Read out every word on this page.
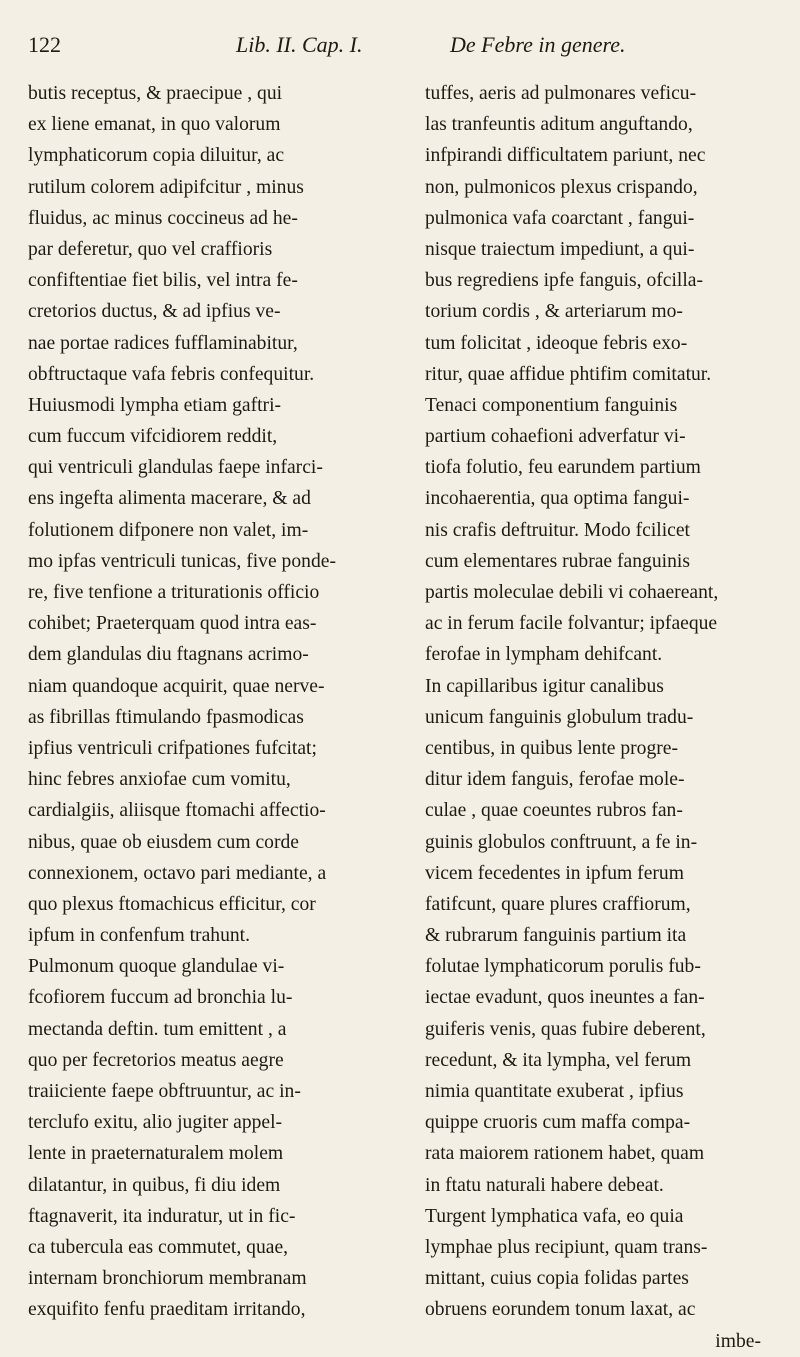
122	Lib. II. Cap. I.	De Febre in genere.
butis receptus, & praecipue , qui
ex liene emanat, in quo valorum
lymphaticorum copia diluitur, ac
rutilum colorem adipifcitur , minus
fluidus, ac minus coccineus ad he-
par deferetur, quo vel craffioris
confiftentiae fiet bilis, vel intra fe-
cretorios ductus, & ad ipfius ve-
nae portae radices fufflaminabitur,
obftructaque vafa febris confequitur.
Huiusmodi lympha etiam gaftri-
cum fuccum vifcidiorem reddit,
qui ventriculi glandulas faepe infarci-
ens ingefta alimenta macerare, & ad
folutionem difponere non valet, im-
mo ipfas ventriculi tunicas, five ponde-
re, five tenfione a triturationis officio
cohibet; Praeterquam quod intra eas-
dem glandulas diu ftagnans acrimo-
niam quandoque acquirit, quae nerve-
as fibrillas ftimulando fpasmodicas
ipfius ventriculi crifpationes fufcitat;
hinc febres anxiofae cum vomitu,
cardialgiis, aliisque ftomachi affectio-
nibus, quae ob eiusdem cum corde
connexionem, octavo pari mediante, a
quo plexus ftomachicus efficitur, cor
ipfum in confenfum trahunt.
Pulmonum quoque glandulae vi-
fcofiorem fuccum ad bronchia lu-
mectanda deftin. tum emittent , a
quo per fecretorios meatus aegre
traiiciente faepe obftruuntur, ac in-
terclufo exitu, alio jugiter appel-
lente in praeternaturalem molem
dilatantur, in quibus, fi diu idem
ftagnaverit, ita induratur, ut in fic-
ca tubercula eas commutet, quae,
internam bronchiorum membranam
exquifito fenfu praeditam irritando,
tuffes, aeris ad pulmonares veficu-
las tranfeuntis aditum anguftando,
infpirandi difficultatem pariunt, nec
non, pulmonicos plexus crispando,
pulmonica vafa coarctant , fangui-
nisque traiectum impediunt, a qui-
bus regrediens ipfe fanguis, ofcilla-
torium cordis , & arteriarum mo-
tum folicitat , ideoque febris exo-
ritur, quae affidue phtifim comitatur.
Tenaci componentium fanguinis
partium cohaefioni adverfatur vi-
tiofa folutio, feu earundem partium
incohaerentia, qua optima fangui-
nis crafis deftruitur. Modo fcilicet
cum elementares rubrae fanguinis
partis moleculae debili vi cohaereant,
ac in ferum facile folvantur; ipfaeque
ferofae in lympham dehifcant.
In capillaribus igitur canalibus
unicum fanguinis globulum tradu-
centibus, in quibus lente progre-
ditur idem fanguis, ferofae mole-
culae , quae coeuntes rubros fan-
guinis globulos conftruunt, a fe in-
vicem fecedentes in ipfum ferum
fatifcunt, quare plures craffiorum,
& rubrarum fanguinis partium ita
folutae lymphaticorum porulis fub-
iectae evadunt, quos ineuntes a fan-
guiferis venis, quas fubire deberent,
recedunt, & ita lympha, vel ferum
nimia quantitate exuberat , ipfius
quippe cruoris cum maffa compa-
rata maiorem rationem habet, quam
in ftatu naturali habere debeat.
Turgent lymphatica vafa, eo quia
lymphae plus recipiunt, quam trans-
mittant, cuius copia folidas partes
obruens eorundem tonum laxat, ac
imbe-
